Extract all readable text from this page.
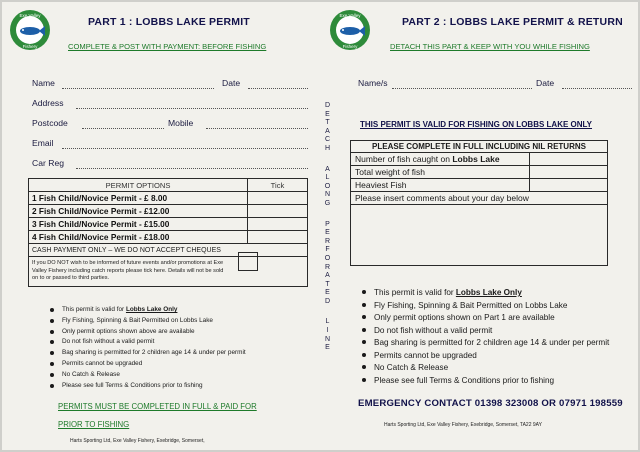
Exe Valley
Fishery
PART 1 : LOBBS LAKE PERMIT
COMPLETE & POST WITH PAYMENT: BEFORE FISHING
Name	Date
Address
Postcode	Mobile
Email
Car Reg
PERMIT OPTIONS	Tick
1 Fish Child/Novice Permit - £ 8.00	
2 Fish Child/Novice Permit - £12.00	
3 Fish Child/Novice Permit - £15.00	
4 Fish Child/Novice Permit - £18.00	
CASH PAYMENT ONLY – WE DO NOT ACCEPT CHEQUES	
If you DO NOT wish to be informed of future events and/or promotions at Exe Valley Fishery including catch reports please tick here. Details will not be sold on to or passed to third parties.	
This permit is valid for Lobbs Lake Only
Fly Fishing, Spinning & Bait Permitted on Lobbs Lake
Only permit options shown above are available
Do not fish without a valid permit
Bag sharing is permitted for 2 children age 14 & under per permit
Permits cannot be upgraded
No Catch & Release
Please see full Terms & Conditions prior to fishing
PERMITS MUST BE COMPLETED IN FULL & PAID FOR
PRIOR TO FISHING
Harts Sporting Ltd, Exe Valley Fishery, Exebridge, Somerset,
D
E
T
A
C
H
A
L
O
N
G
P
E
R
F
O
R
A
T
E
D
L
I
N
E
Exe Valley
Fishery
PART 2 : LOBBS LAKE PERMIT & RETURN
DETACH THIS PART & KEEP WITH YOU WHILE FISHING
Name/s	Date
THIS PERMIT IS VALID FOR FISHING ON LOBBS LAKE ONLY
PLEASE COMPLETE IN FULL INCLUDING NIL RETURNS	
Number of fish caught on Lobbs Lake	
Total weight of fish	
Heaviest Fish	
Please insert comments about your day below	

This permit is valid for Lobbs Lake Only
Fly Fishing, Spinning & Bait Permitted on Lobbs Lake
Only permit options shown on Part 1 are available
Do not fish without a valid permit
Bag sharing is permitted for 2 children age 14 & under per permit
Permits cannot be upgraded
No Catch & Release
Please see full Terms & Conditions prior to fishing
EMERGENCY CONTACT 01398 323008 OR 07971 198559
Harts Sporting Ltd, Exe Valley Fishery, Exebridge, Somerset, TA22 9AY
